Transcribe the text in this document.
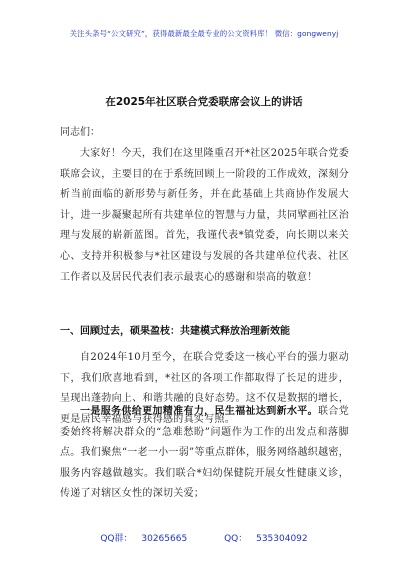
关注头条号“公文研究”，获得最新最全最专业的公文资料库！ 微信：gongwenyj
在2025年社区联合党委联席会议上的讲话
同志们：

大家好！今天，我们在这里隆重召开*社区2025年联合党委联席会议，主要目的在于系统回顾上一阶段的工作成效，深刻分析当前面临的新形势与新任务，并在此基础上共商协作发展大计，进一步凝聚起所有共建单位的智慧与力量，共同擘画社区治理与发展的崭新蓝图。首先，我谨代表*镇党委，向长期以来关心、支持并积极参与*社区建设与发展的各共建单位代表、社区工作者以及居民代表们表示最衷心的感谢和崇高的敬意！

一、回顾过去，硕果盈枝：共建模式释放治理新效能

自2024年10月至今，在联合党委这一核心平台的强力驱动下，我们欣喜地看到，*社区的各项工作都取得了长足的进步，呈现出蓬勃向上、和谐共融的良好态势。这不仅是数据的增长，更是居民幸福感与获得感的真实写照。

一是服务供给更加精准有力，民生福祉达到新水平。联合党委始终将解决群众的“急难愁盼”问题作为工作的出发点和落脚点。我们聚焦“一老一小一弱”等重点群体，服务网络越织越密，服务内容越做越实。我们联合*妇幼保健院开展女性健康义诊，传递了对辖区女性的深切关爱；

QQ群： 30265665	QQ： 535304092
